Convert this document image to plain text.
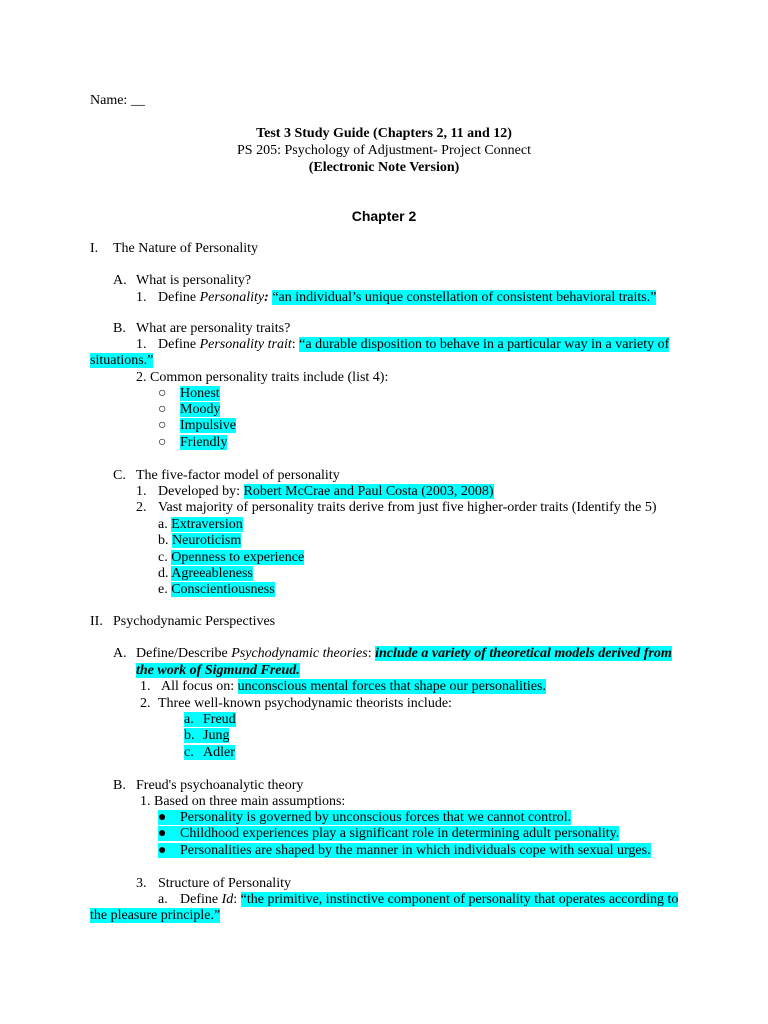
Name: __
Test 3 Study Guide (Chapters 2, 11 and 12)
PS 205: Psychology of Adjustment- Project Connect
(Electronic Note Version)
Chapter 2
I. The Nature of Personality
A. What is personality?
1. Define Personality: “an individual’s unique constellation of consistent behavioral traits.”
B. What are personality traits?
1. Define Personality trait: “a durable disposition to behave in a particular way in a variety of
situations.”
2. Common personality traits include (list 4):
○ Honest
○ Moody
○ Impulsive
○ Friendly
C. The five-factor model of personality
1. Developed by: Robert McCrae and Paul Costa (2003, 2008)
2. Vast majority of personality traits derive from just five higher-order traits (Identify the 5)
a. Extraversion
b. Neuroticism
c. Openness to experience
d. Agreeableness
e. Conscientiousness
II. Psychodynamic Perspectives
A. Define/Describe Psychodynamic theories: include a variety of theoretical models derived from
the work of Sigmund Freud.
1. All focus on: unconscious mental forces that shape our personalities.
2. Three well-known psychodynamic theorists include:
a. Freud
b. Jung
c. Adler
B. Freud's psychoanalytic theory
1. Based on three main assumptions:
● Personality is governed by unconscious forces that we cannot control.
● Childhood experiences play a significant role in determining adult personality.
● Personalities are shaped by the manner in which individuals cope with sexual urges.
3. Structure of Personality
a. Define Id: “the primitive, instinctive component of personality that operates according to
the pleasure principle.”
